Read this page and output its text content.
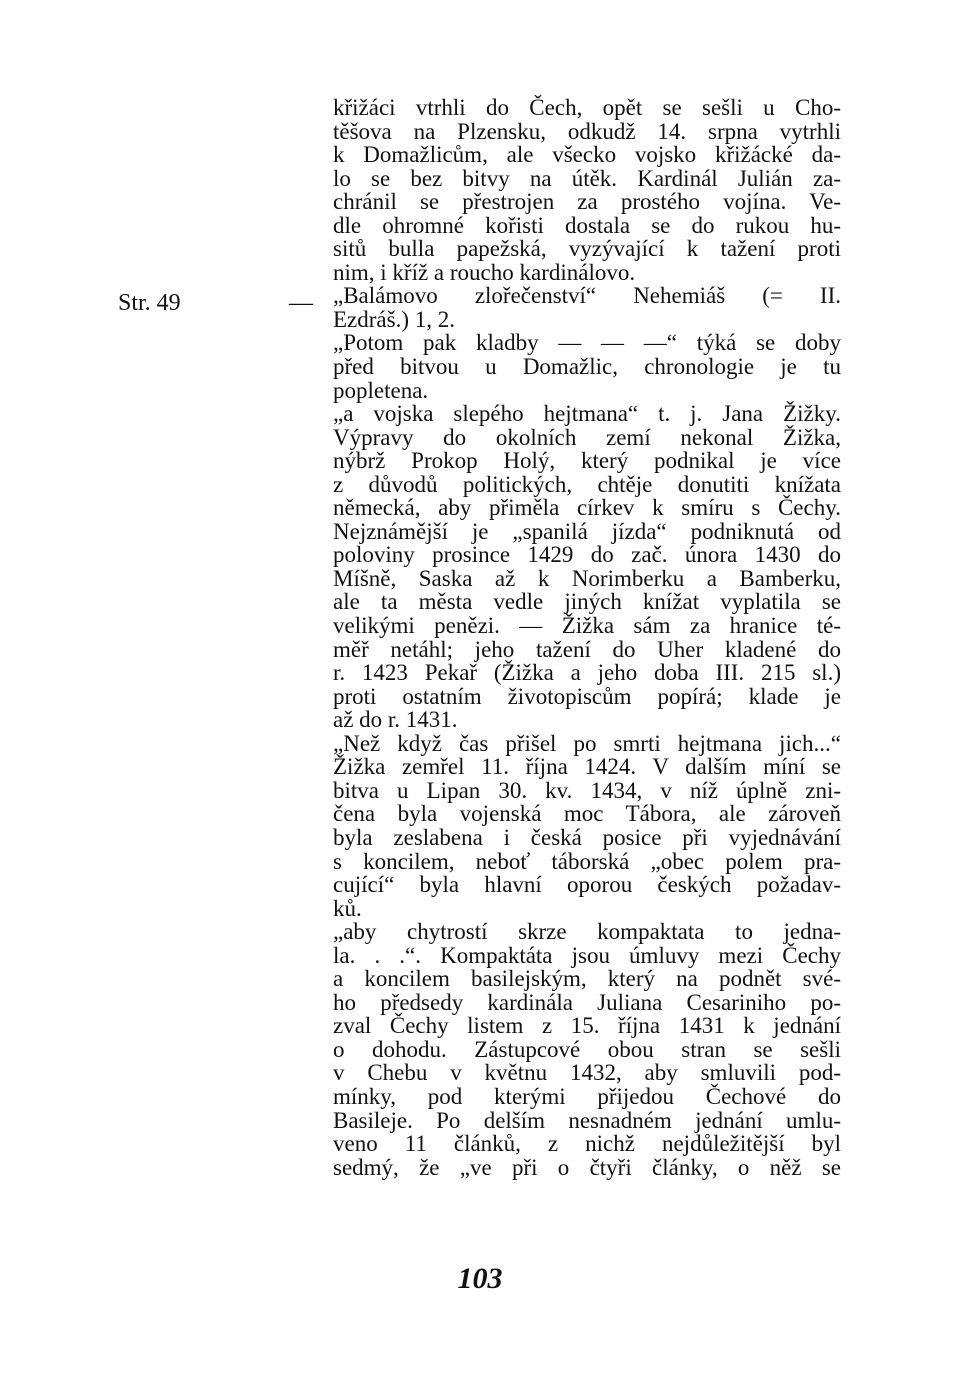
Str. 49	—
křižáci vtrhli do Čech, opět se sešli u Cho-
těšova na Plzensku, odkudž 14. srpna vytrhli
k Domažlicům, ale všecko vojsko křižácké da-
lo se bez bitvy na útěk. Kardinál Julián za-
chránil se přestrojen za prostého vojína. Ve-
dle ohromné kořisti dostala se do rukou hu-
sitů bulla papežská, vyzývající k tažení proti
nim, i kříž a roucho kardinálovo.
„Balámovo zlořečenství“ Nehemiáš (= II.
Ezdráš.) 1, 2.
„Potom pak kladby — — —“ týká se doby
před bitvou u Domažlic, chronologie je tu
popletena.
„a vojska slepého hejtmana“ t. j. Jana Žižky.
Výpravy do okolních zemí nekonal Žižka,
nýbrž Prokop Holý, který podnikal je více
z důvodů politických, chtěje donutiti knížata
německá, aby přiměla církev k smíru s Čechy.
Nejznámější je „spanilá jízda“ podniknutá od
poloviny prosince 1429 do zač. února 1430 do
Míšně, Saska až k Norimberku a Bamberku,
ale ta města vedle jiných knížat vyplatila se
velikými penězi. — Žižka sám za hranice té-
měř netáhl; jeho tažení do Uher kladené do
r. 1423 Pekař (Žižka a jeho doba III. 215 sl.)
proti ostatním životopiscům popírá; klade je
až do r. 1431.
„Než když čas přišel po smrti hejtmana jich...“
Žižka zemřel 11. října 1424. V dalším míní se
bitva u Lipan 30. kv. 1434, v níž úplně zni-
čena byla vojenská moc Tábora, ale zároveň
byla zeslabena i česká posice při vyjednávání
s koncilem, neboť táborská „obec polem pra-
cující“ byla hlavní oporou českých požadav-
ků.
„aby chytrostí skrze kompaktata to jedna-
la. . .“. Kompaktáta jsou úmluvy mezi Čechy
a koncilem basilejským, který na podnět své-
ho předsedy kardinála Juliana Cesariniho po-
zval Čechy listem z 15. října 1431 k jednání
o dohodu. Zástupcové obou stran se sešli
v Chebu v květnu 1432, aby smluvili pod-
mínky, pod kterými přijedou Čechové do
Basileje. Po delším nesnadném jednání umlu-
veno 11 článků, z nichž nejdůležitější byl
sedmý, že „ve při o čtyři články, o něž se
103
